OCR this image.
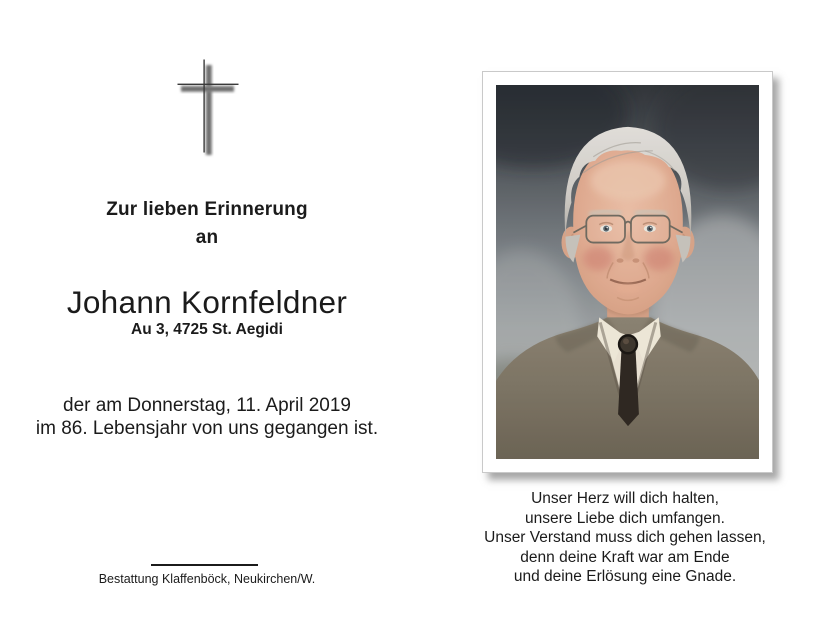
Zur lieben Erinnerung
an
Johann Kornfeldner
Au 3, 4725 St. Aegidi
der am Donnerstag, 11. April 2019
im 86. Lebensjahr von uns gegangen ist.
Bestattung Klaffenböck, Neukirchen/W.
Unser Herz will dich halten,
unsere Liebe dich umfangen.
Unser Verstand muss dich gehen lassen,
denn deine Kraft war am Ende
und deine Erlösung eine Gnade.
